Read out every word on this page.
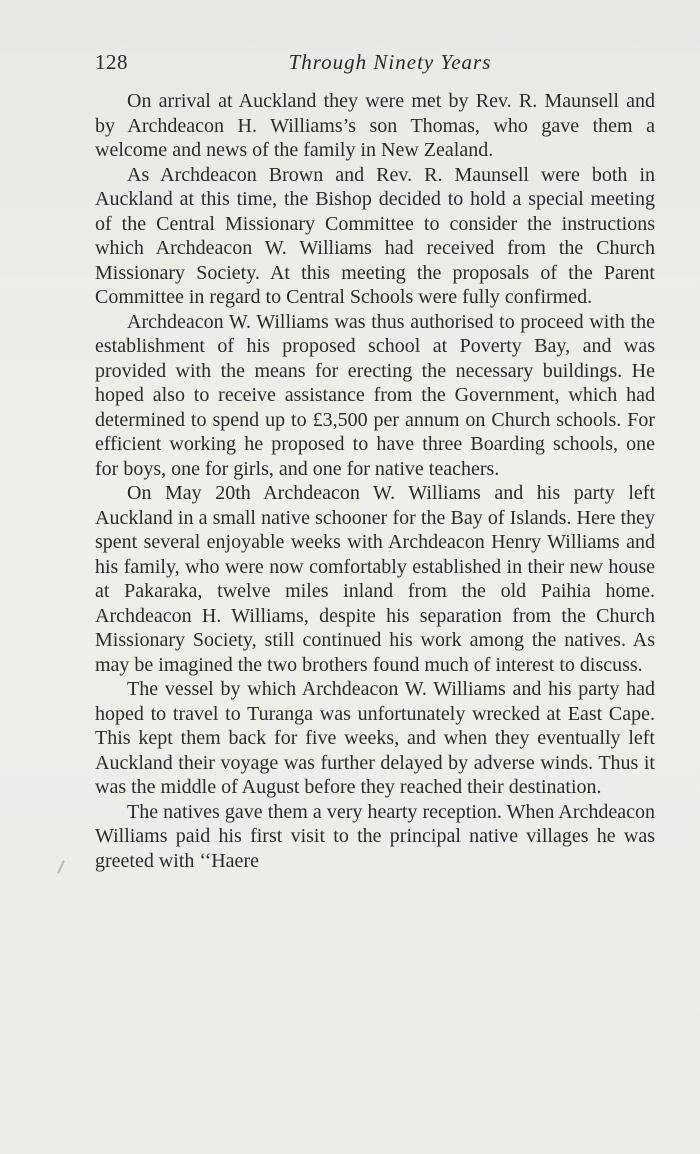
128	Through Ninety Years

On arrival at Auckland they were met by Rev. R. Maunsell and by Archdeacon H. Williams’s son Thomas, who gave them a welcome and news of the family in New Zealand.

As Archdeacon Brown and Rev. R. Maunsell were both in Auckland at this time, the Bishop decided to hold a special meeting of the Central Missionary Committee to consider the instructions which Archdeacon W. Williams had received from the Church Missionary Society. At this meeting the proposals of the Parent Committee in regard to Central Schools were fully confirmed.

Archdeacon W. Williams was thus authorised to proceed with the establishment of his proposed school at Poverty Bay, and was provided with the means for erecting the necessary buildings. He hoped also to receive assistance from the Government, which had determined to spend up to £3,500 per annum on Church schools. For efficient working he proposed to have three Boarding schools, one for boys, one for girls, and one for native teachers.

On May 20th Archdeacon W. Williams and his party left Auckland in a small native schooner for the Bay of Islands. Here they spent several enjoyable weeks with Archdeacon Henry Williams and his family, who were now comfortably established in their new house at Pakaraka, twelve miles inland from the old Paihia home. Archdeacon H. Williams, despite his separation from the Church Missionary Society, still continued his work among the natives. As may be imagined the two brothers found much of interest to discuss.

The vessel by which Archdeacon W. Williams and his party had hoped to travel to Turanga was unfortunately wrecked at East Cape. This kept them back for five weeks, and when they eventually left Auckland their voyage was further delayed by adverse winds. Thus it was the middle of August before they reached their destination.

The natives gave them a very hearty reception. When Archdeacon Williams paid his first visit to the principal native villages he was greeted with ‘‘Haere
